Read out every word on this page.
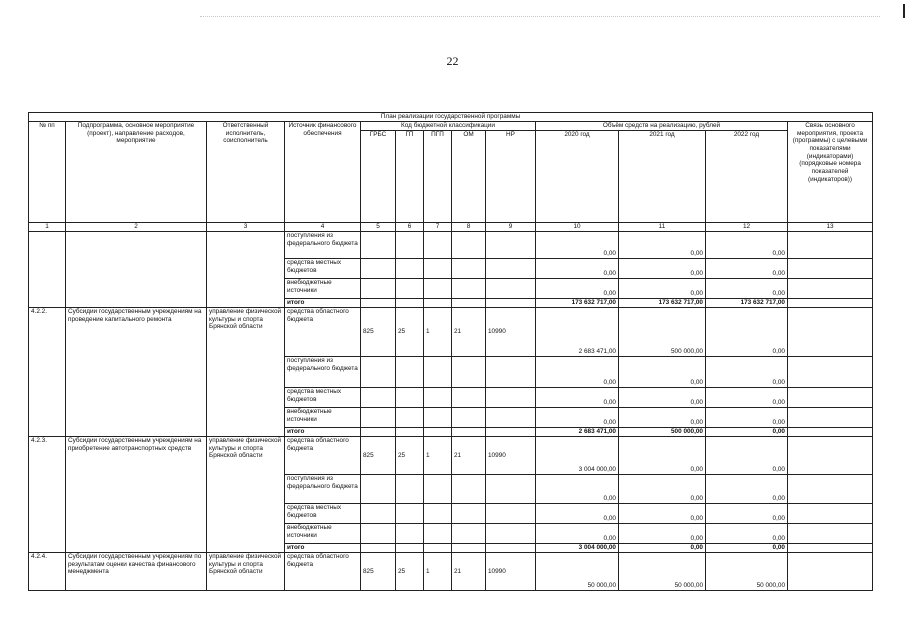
22
План реализации государственной программы												
№ пп	Подпрограмма, основное мероприятие (проект), направление расходов, мероприятие	Ответственный исполнитель, соисполнитель	Источник финансового обеспечения	Код бюджетной классификации					Объём средств на реализацию, рублей			Связь основного мероприятия, проекта (программы) с целевыми показателями (индикаторами) (порядковые номера показателей (индикаторов))
				ГРБС	ГП	ПГП	ОМ	НР	2020 год	2021 год	2022 год	
1	2	3	4	5	6	7	8	9	10	11	12	13
			поступления из федерального бюджета						0,00	0,00	0,00	
			средства местных бюджетов						0,00	0,00	0,00	
			внебюджетные источники						0,00	0,00	0,00	
			итого						173 632 717,00	173 632 717,00	173 632 717,00	
4.2.2.	Субсидии государственным учреждениям на проведение капитального ремонта	управление физической культуры и спорта Брянской области	средства областного бюджета	825	25	1	21	10990	2 683 471,00	500 000,00	0,00	
			поступления из федерального бюджета						0,00	0,00	0,00	
			средства местных бюджетов						0,00	0,00	0,00	
			внебюджетные источники						0,00	0,00	0,00	
			итого						2 683 471,00	500 000,00	0,00	
4.2.3.	Субсидии государственным учреждениям на приобретение автотранспортных средств	управление физической культуры и спорта Брянской области	средства областного бюджета	825	25	1	21	10990	3 004 000,00	0,00	0,00	
			поступления из федерального бюджета						0,00	0,00	0,00	
			средства местных бюджетов						0,00	0,00	0,00	
			внебюджетные источники						0,00	0,00	0,00	
			итого						3 004 000,00	0,00	0,00	
4.2.4.	Субсидии государственным учреждениям по результатам оценки качества финансового менеджмента	управление физической культуры и спорта Брянской области	средства областного бюджета	825	25	1	21	10990	50 000,00	50 000,00	50 000,00	
